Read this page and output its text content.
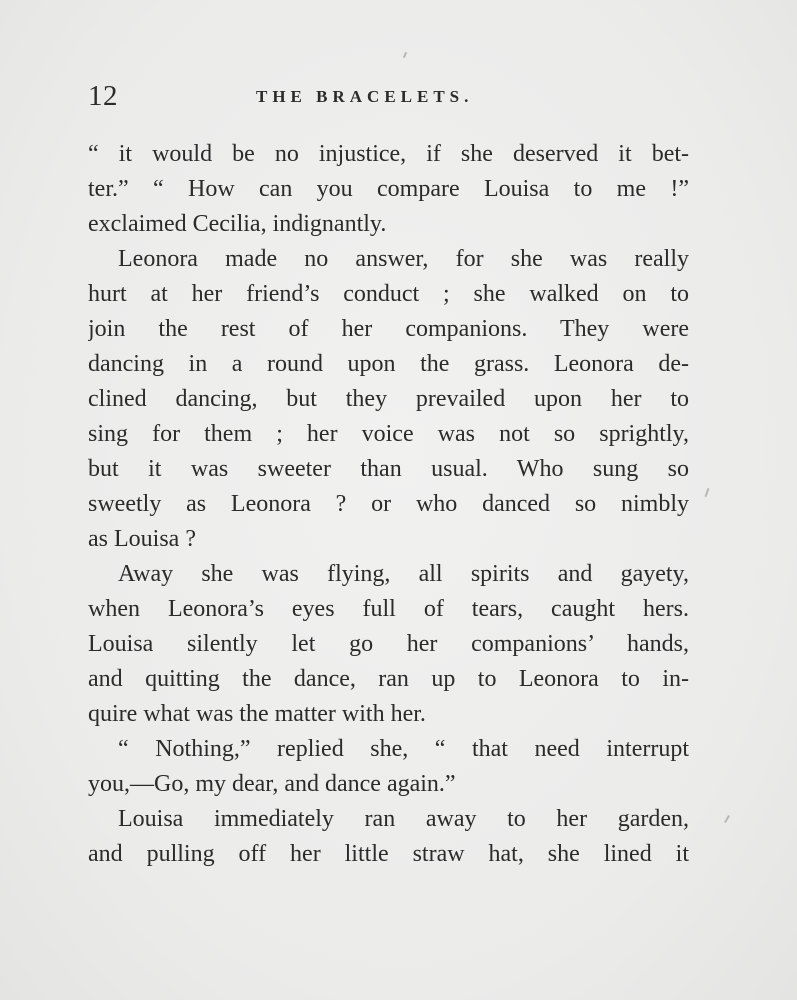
12	THE BRACELETS.
“ it would be no injustice, if she deserved it bet-
ter.” “ How can you compare Louisa to me !”
exclaimed Cecilia, indignantly.
Leonora made no answer, for she was really
hurt at her friend’s conduct ; she walked on to
join the rest of her companions. They were
dancing in a round upon the grass. Leonora de-
clined dancing, but they prevailed upon her to
sing for them ; her voice was not so sprightly,
but it was sweeter than usual. Who sung so
sweetly as Leonora ? or who danced so nimbly
as Louisa ?
Away she was flying, all spirits and gayety,
when Leonora’s eyes full of tears, caught hers.
Louisa silently let go her companions’ hands,
and quitting the dance, ran up to Leonora to in-
quire what was the matter with her.
“ Nothing,” replied she, “ that need interrupt
you,—Go, my dear, and dance again.”
Louisa immediately ran away to her garden,
and pulling off her little straw hat, she lined it
